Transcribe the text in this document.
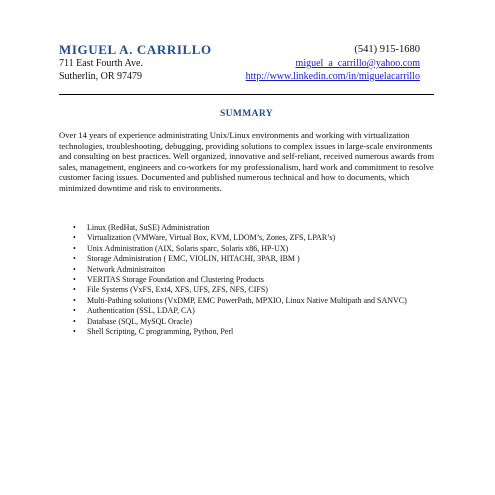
MIGUEL A. CARRILLO	(541) 915-1680
711 East Fourth Ave.
Sutherlin, OR 97479
miguel_a_carrillo@yahoo.com
http://www.linkedin.com/in/miguelacarrillo
SUMMARY

Over 14 years of experience administrating Unix/Linux environments and working with virtualization technologies, troubleshooting, debugging, providing solutions to complex issues in large-scale environments and consulting on best practices. Well organized, innovative and self-reliant, received numerous awards from sales, management, engineers and co-workers for my professionalism, hard work and commitment to resolve customer facing issues. Documented and published numerous technical and how to documents, which minimized downtime and risk to environments.

• Linux (RedHat, SuSE) Administration
• Virtualization (VMWare, Virtual Box, KVM, LDOM’s, Zones, ZFS, LPAR’s)
• Unix Administration (AIX, Solaris sparc, Solaris x86, HP-UX)
• Storage Administration ( EMC, VIOLIN, HITACHI, 3PAR, IBM )
• Network Administraiton
• VERITAS Storage Foundation and Clustering Products
• File Systems (VxFS, Ext4, XFS, UFS, ZFS, NFS, CIFS)
• Multi-Pathing solutions (VxDMP, EMC PowerPath, MPXIO, Linux Native Multipath and SANVC)
• Authentication (SSL, LDAP, CA)
• Database (SQL, MySQL Oracle)
• Shell Scripting, C programming, Python, Perl
